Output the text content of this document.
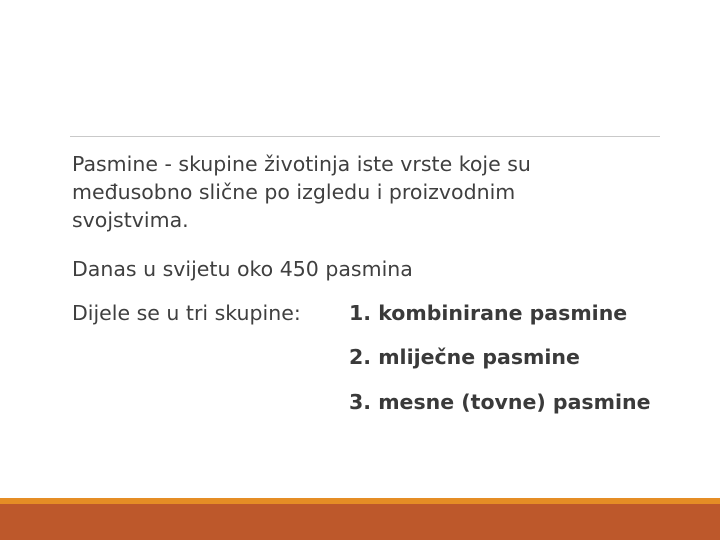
Pasmine - skupine životinja iste vrste koje su
međusobno slične po izgledu i proizvodnim
svojstvima.

Danas u svijetu oko 450 pasmina

Dijele se u tri skupine: 1. kombinirane pasmine

2. mliječne pasmine

3. mesne (tovne) pasmine
